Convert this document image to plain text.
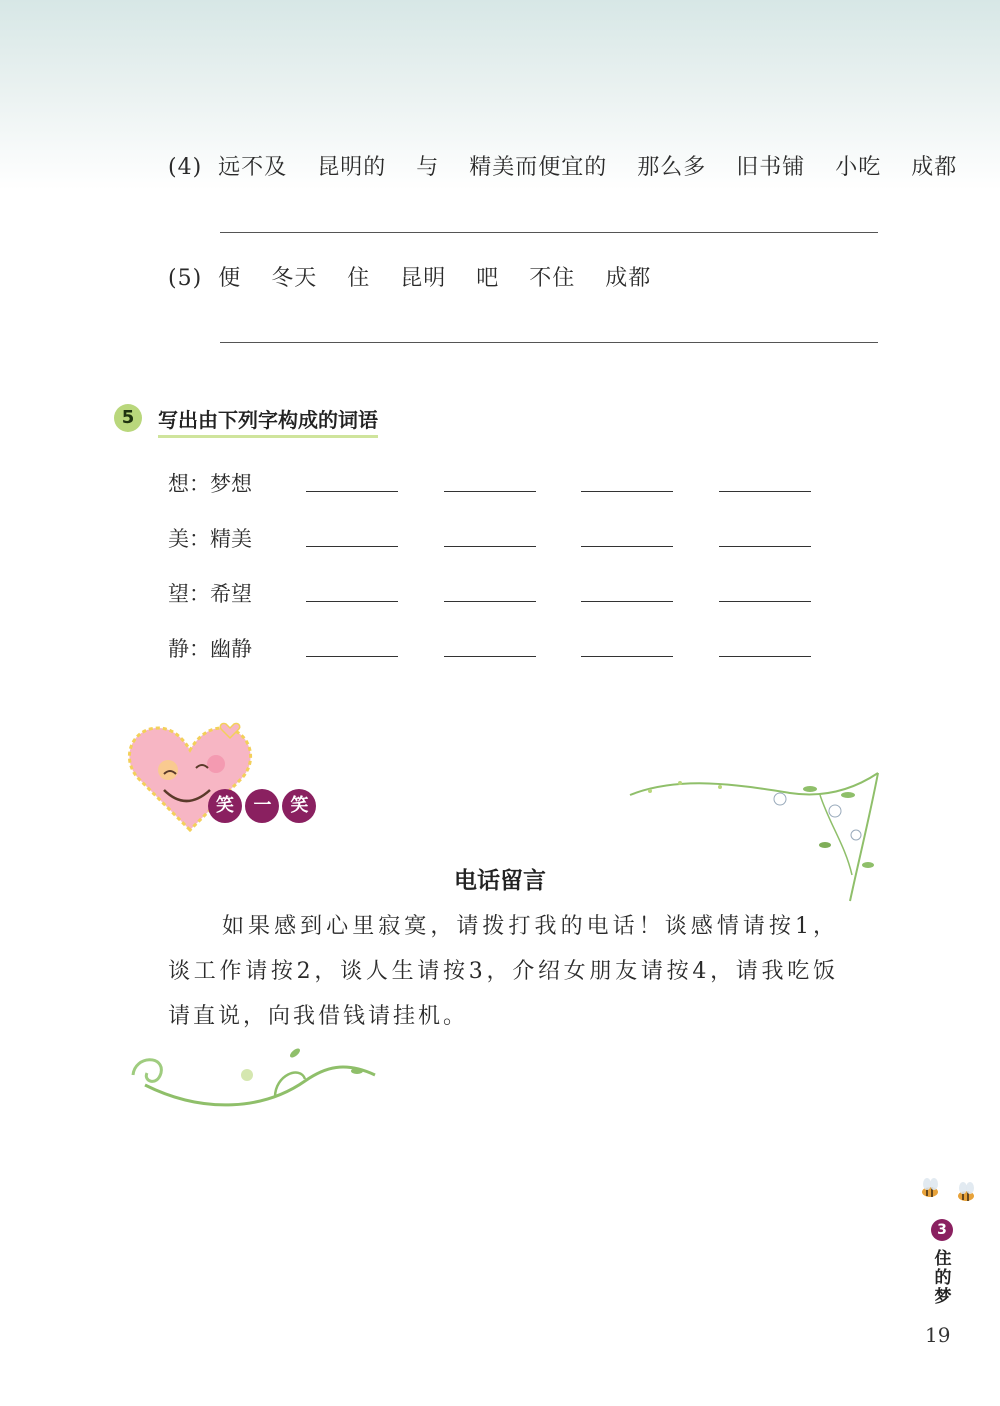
(4) 远不及 昆明的 与 精美而便宜的 那么多 旧书铺 小吃 成都
(5) 便 冬天 住 昆明 吧 不住 成都
5	写出由下列字构成的词语
想：梦想
美：精美
望：希望
静：幽静
笑	一	笑
电话留言
如果感到心里寂寞，请拨打我的电话！谈感情请按1，谈工作请按2，谈人生请按3，介绍女朋友请按4，请我吃饭请直说，向我借钱请挂机。
3
住的梦
19
